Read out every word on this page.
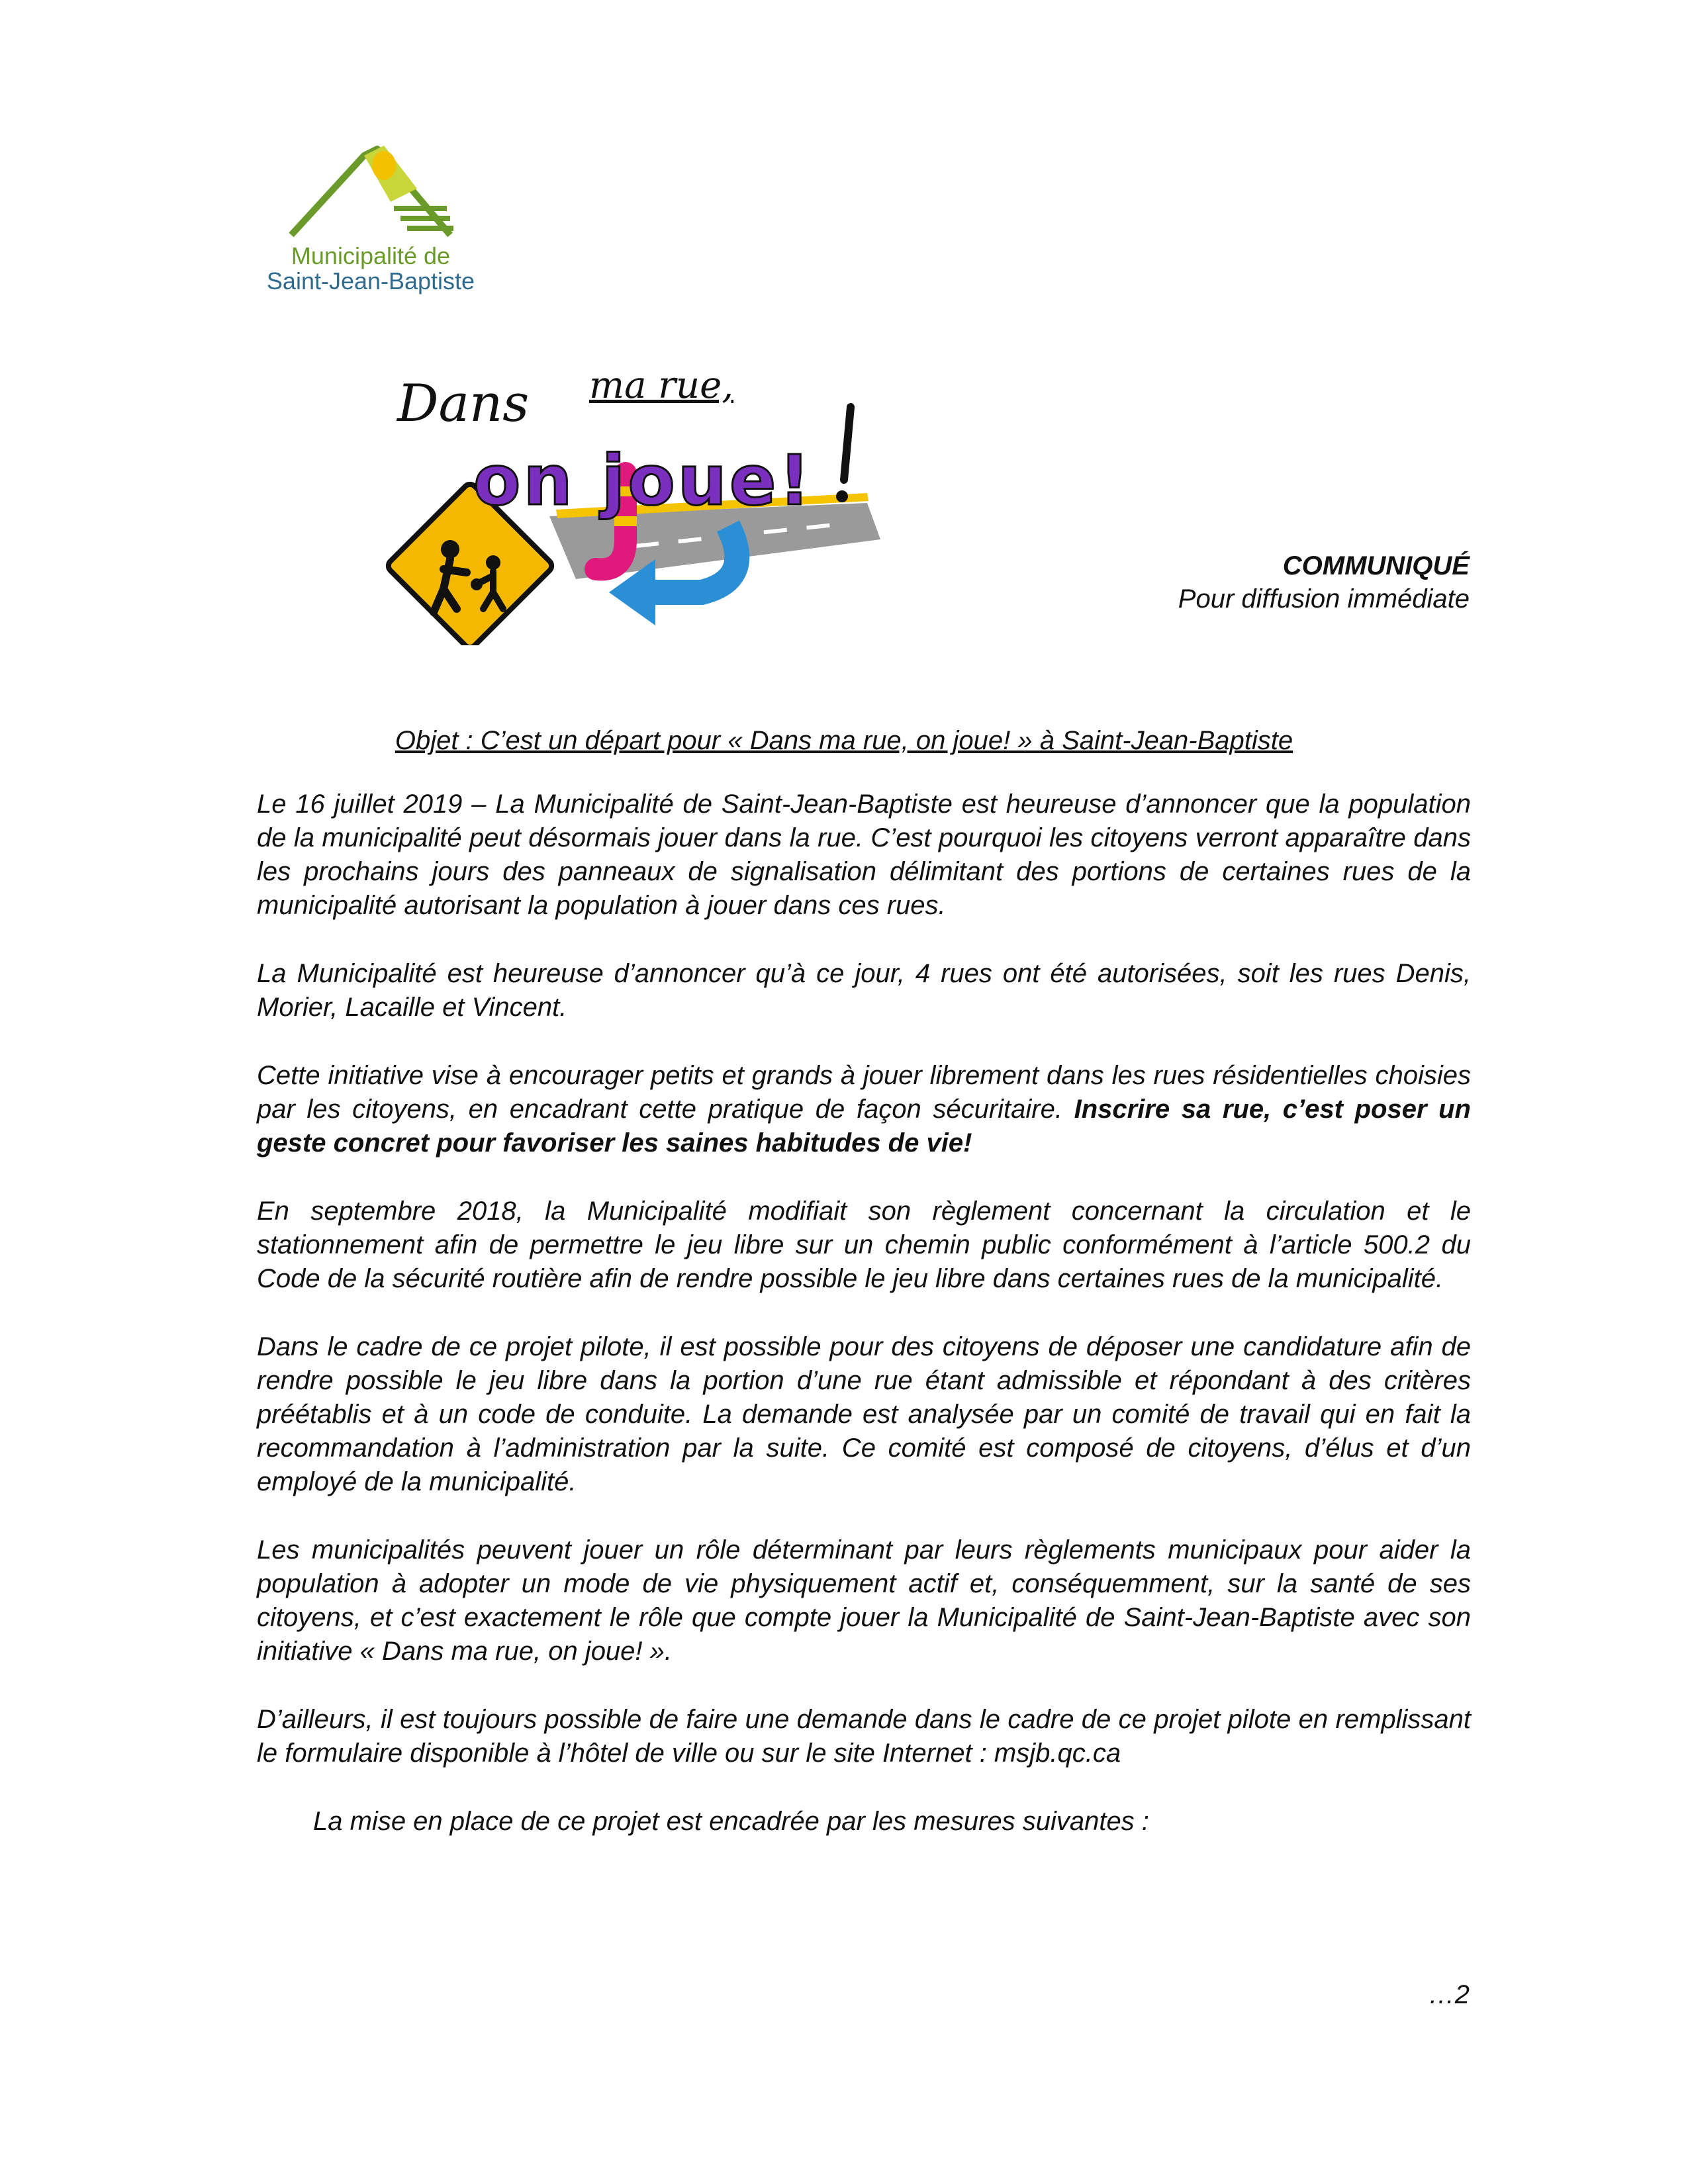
Municipalité de
Saint-Jean-Baptiste
Dans ma rue,
on joue!
COMMUNIQUÉ
Pour diffusion immédiate
Objet : C’est un départ pour « Dans ma rue, on joue! » à Saint-Jean-Baptiste

Le 16 juillet 2019 – La Municipalité de Saint-Jean-Baptiste est heureuse d’annoncer que la population de la municipalité peut désormais jouer dans la rue. C’est pourquoi les citoyens verront apparaître dans les prochains jours des panneaux de signalisation délimitant des portions de certaines rues de la municipalité autorisant la population à jouer dans ces rues.

La Municipalité est heureuse d’annoncer qu’à ce jour, 4 rues ont été autorisées, soit les rues Denis, Morier, Lacaille et Vincent.

Cette initiative vise à encourager petits et grands à jouer librement dans les rues résidentielles choisies par les citoyens, en encadrant cette pratique de façon sécuritaire. Inscrire sa rue, c’est poser un geste concret pour favoriser les saines habitudes de vie!

En septembre 2018, la Municipalité modifiait son règlement concernant la circulation et le stationnement afin de permettre le jeu libre sur un chemin public conformément à l’article 500.2 du Code de la sécurité routière afin de rendre possible le jeu libre dans certaines rues de la municipalité.

Dans le cadre de ce projet pilote, il est possible pour des citoyens de déposer une candidature afin de rendre possible le jeu libre dans la portion d’une rue étant admissible et répondant à des critères préétablis et à un code de conduite. La demande est analysée par un comité de travail qui en fait la recommandation à l’administration par la suite. Ce comité est composé de citoyens, d’élus et d’un employé de la municipalité.

Les municipalités peuvent jouer un rôle déterminant par leurs règlements municipaux pour aider la population à adopter un mode de vie physiquement actif et, conséquemment, sur la santé de ses citoyens, et c’est exactement le rôle que compte jouer la Municipalité de Saint-Jean-Baptiste avec son initiative « Dans ma rue, on joue! ».

D’ailleurs, il est toujours possible de faire une demande dans le cadre de ce projet pilote en remplissant le formulaire disponible à l’hôtel de ville ou sur le site Internet : msjb.qc.ca

La mise en place de ce projet est encadrée par les mesures suivantes :

…2
